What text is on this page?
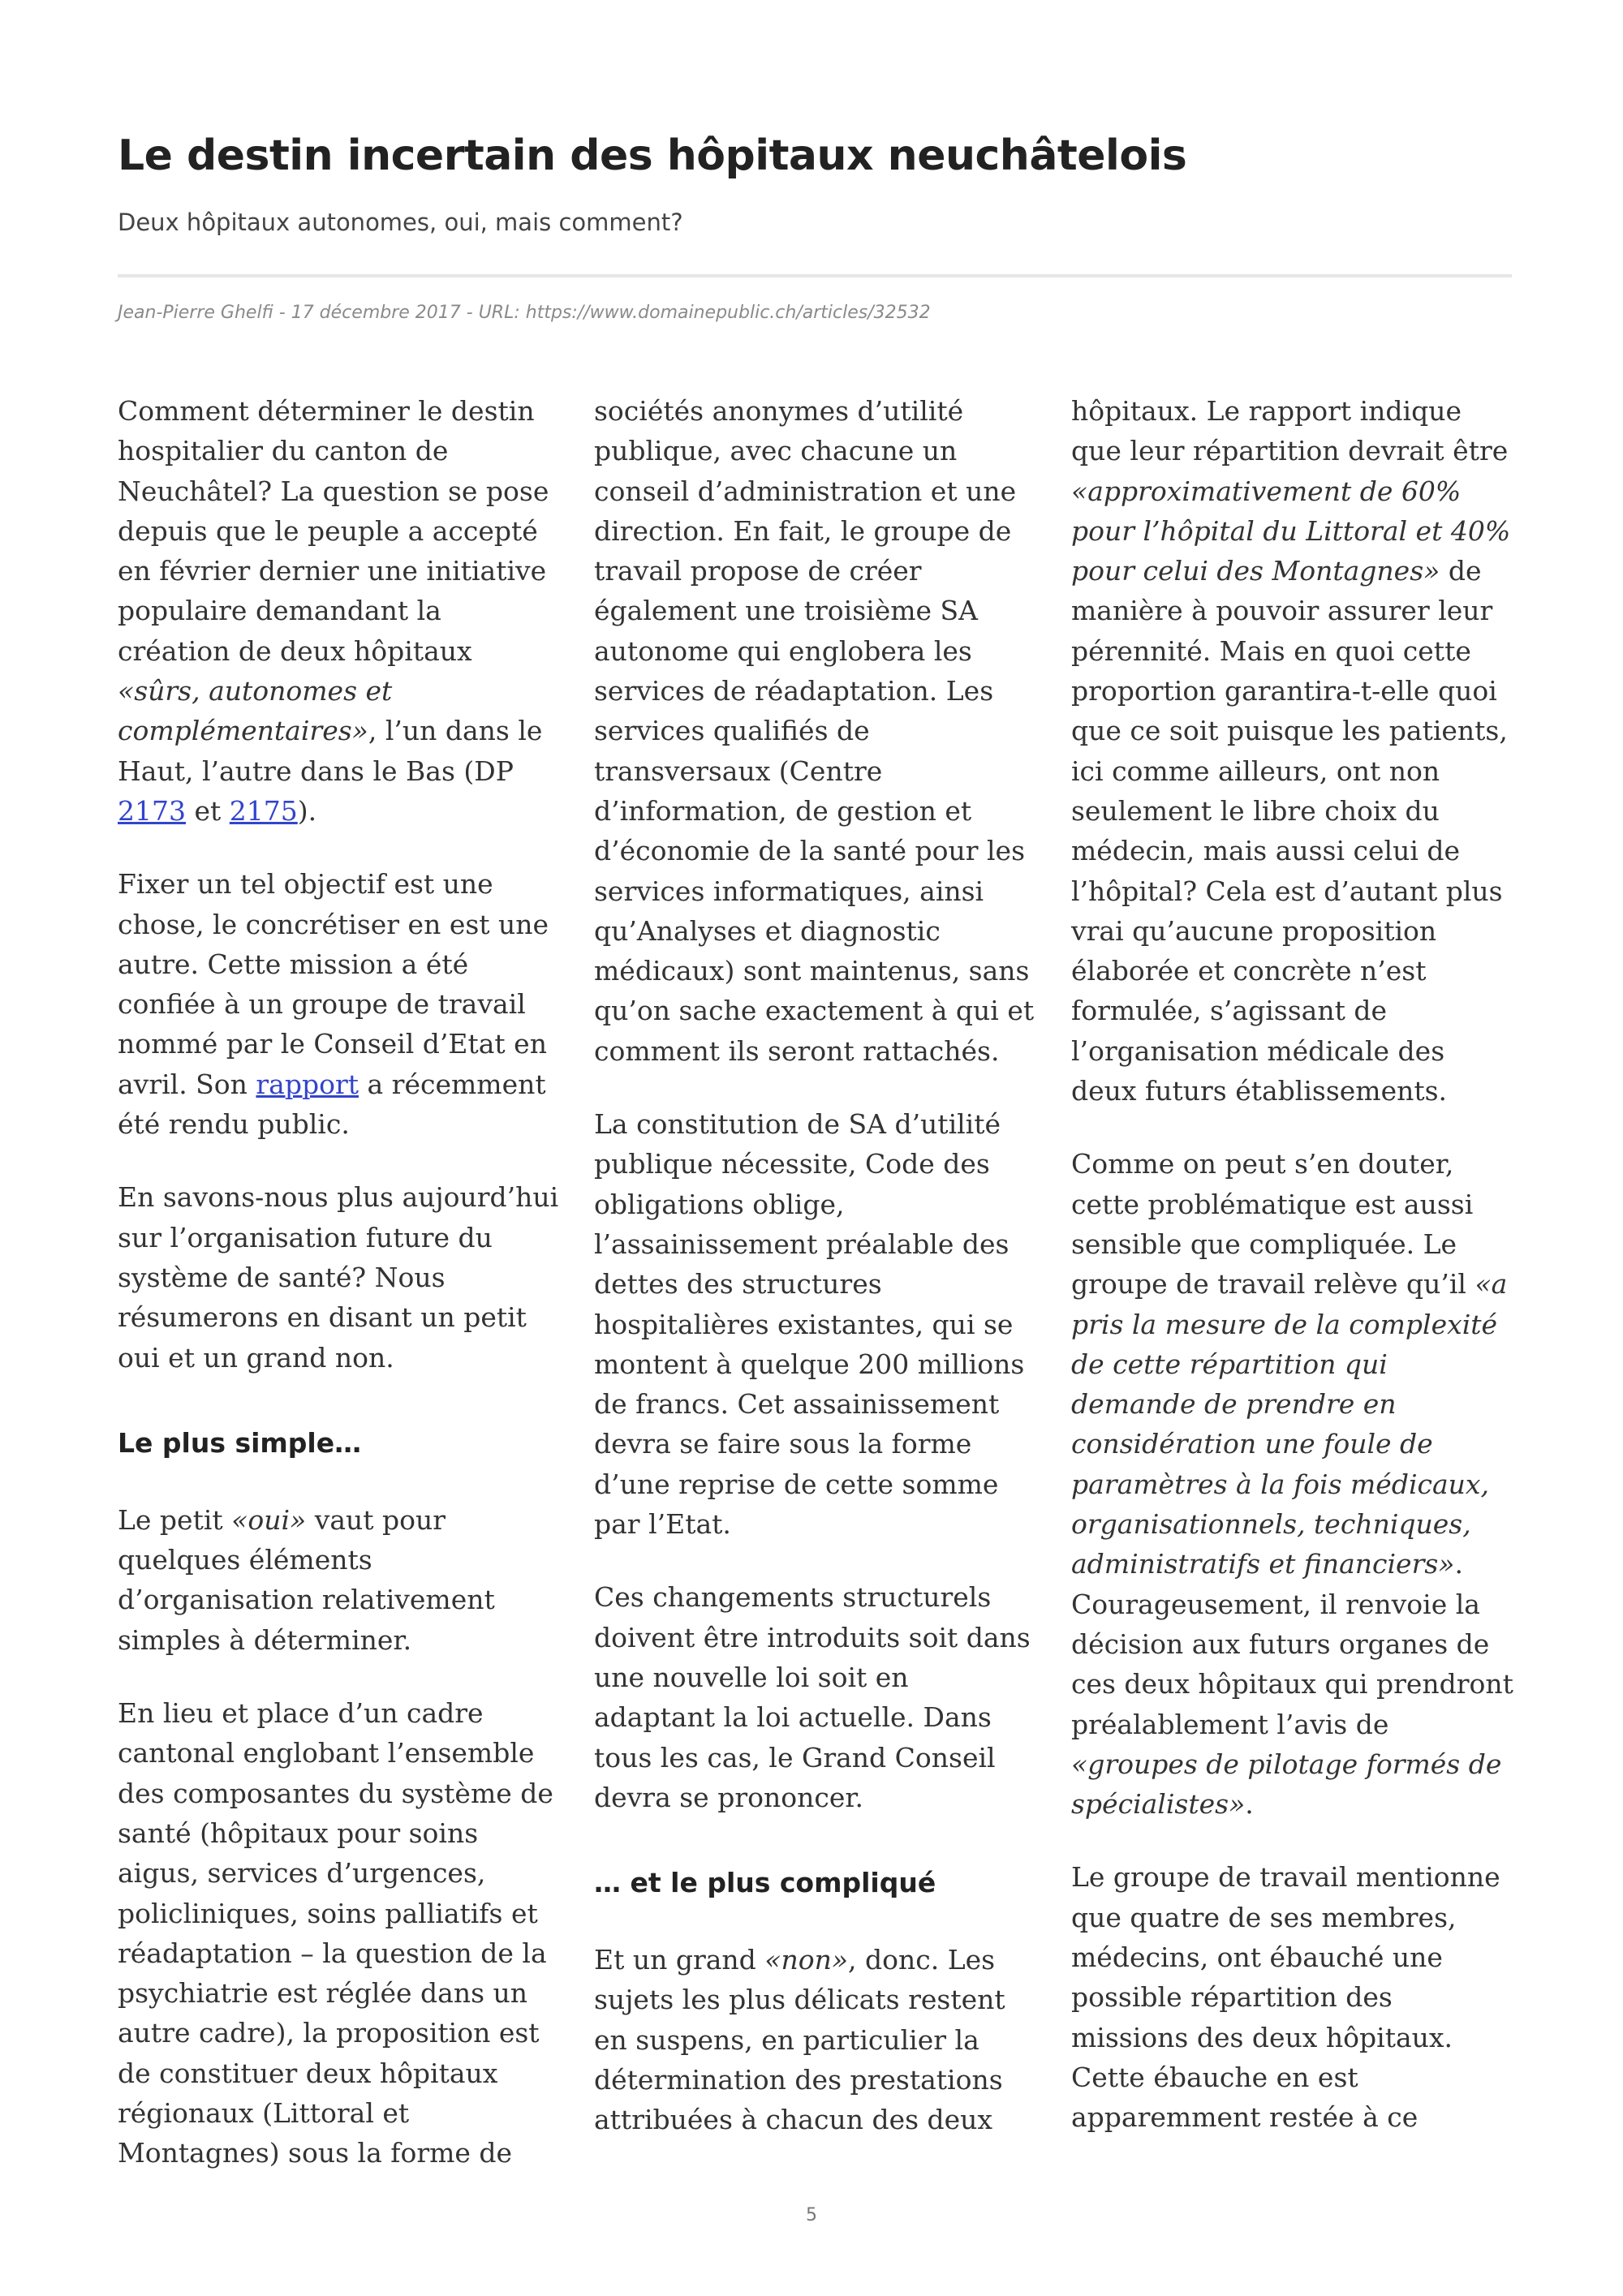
Le destin incertain des hôpitaux neuchâtelois

Deux hôpitaux autonomes, oui, mais comment?

Jean-Pierre Ghelfi - 17 décembre 2017 - URL: https://www.domainepublic.ch/articles/32532

Comment déterminer le destin hospitalier du canton de Neuchâtel? La question se pose depuis que le peuple a accepté en février dernier une initiative populaire demandant la création de deux hôpitaux «sûrs, autonomes et complémentaires», l’un dans le Haut, l’autre dans le Bas (DP 2173 et 2175).

Fixer un tel objectif est une chose, le concrétiser en est une autre. Cette mission a été confiée à un groupe de travail nommé par le Conseil d’Etat en avril. Son rapport a récemment été rendu public.

En savons-nous plus aujourd’hui sur l’organisation future du système de santé? Nous résumerons en disant un petit oui et un grand non.

Le plus simple…

Le petit «oui» vaut pour quelques éléments d’organisation relativement simples à déterminer.

En lieu et place d’un cadre cantonal englobant l’ensemble des composantes du système de santé (hôpitaux pour soins aigus, services d’urgences, policliniques, soins palliatifs et réadaptation – la question de la psychiatrie est réglée dans un autre cadre), la proposition est de constituer deux hôpitaux régionaux (Littoral et Montagnes) sous la forme de

sociétés anonymes d’utilité publique, avec chacune un conseil d’administration et une direction. En fait, le groupe de travail propose de créer également une troisième SA autonome qui englobera les services de réadaptation. Les services qualifiés de transversaux (Centre d’information, de gestion et d’économie de la santé pour les services informatiques, ainsi qu’Analyses et diagnostic médicaux) sont maintenus, sans qu’on sache exactement à qui et comment ils seront rattachés.

La constitution de SA d’utilité publique nécessite, Code des obligations oblige, l’assainissement préalable des dettes des structures hospitalières existantes, qui se montent à quelque 200 millions de francs. Cet assainissement devra se faire sous la forme d’une reprise de cette somme par l’Etat.

Ces changements structurels doivent être introduits soit dans une nouvelle loi soit en adaptant la loi actuelle. Dans tous les cas, le Grand Conseil devra se prononcer.

… et le plus compliqué

Et un grand «non», donc. Les sujets les plus délicats restent en suspens, en particulier la détermination des prestations attribuées à chacun des deux

hôpitaux. Le rapport indique que leur répartition devrait être «approximativement de 60% pour l’hôpital du Littoral et 40% pour celui des Montagnes» de manière à pouvoir assurer leur pérennité. Mais en quoi cette proportion garantira-t-elle quoi que ce soit puisque les patients, ici comme ailleurs, ont non seulement le libre choix du médecin, mais aussi celui de l’hôpital? Cela est d’autant plus vrai qu’aucune proposition élaborée et concrète n’est formulée, s’agissant de l’organisation médicale des deux futurs établissements.

Comme on peut s’en douter, cette problématique est aussi sensible que compliquée. Le groupe de travail relève qu’il «a pris la mesure de la complexité de cette répartition qui demande de prendre en considération une foule de paramètres à la fois médicaux, organisationnels, techniques, administratifs et financiers». Courageusement, il renvoie la décision aux futurs organes de ces deux hôpitaux qui prendront préalablement l’avis de «groupes de pilotage formés de spécialistes».

Le groupe de travail mentionne que quatre de ses membres, médecins, ont ébauché une possible répartition des missions des deux hôpitaux. Cette ébauche en est apparemment restée à ce

5
